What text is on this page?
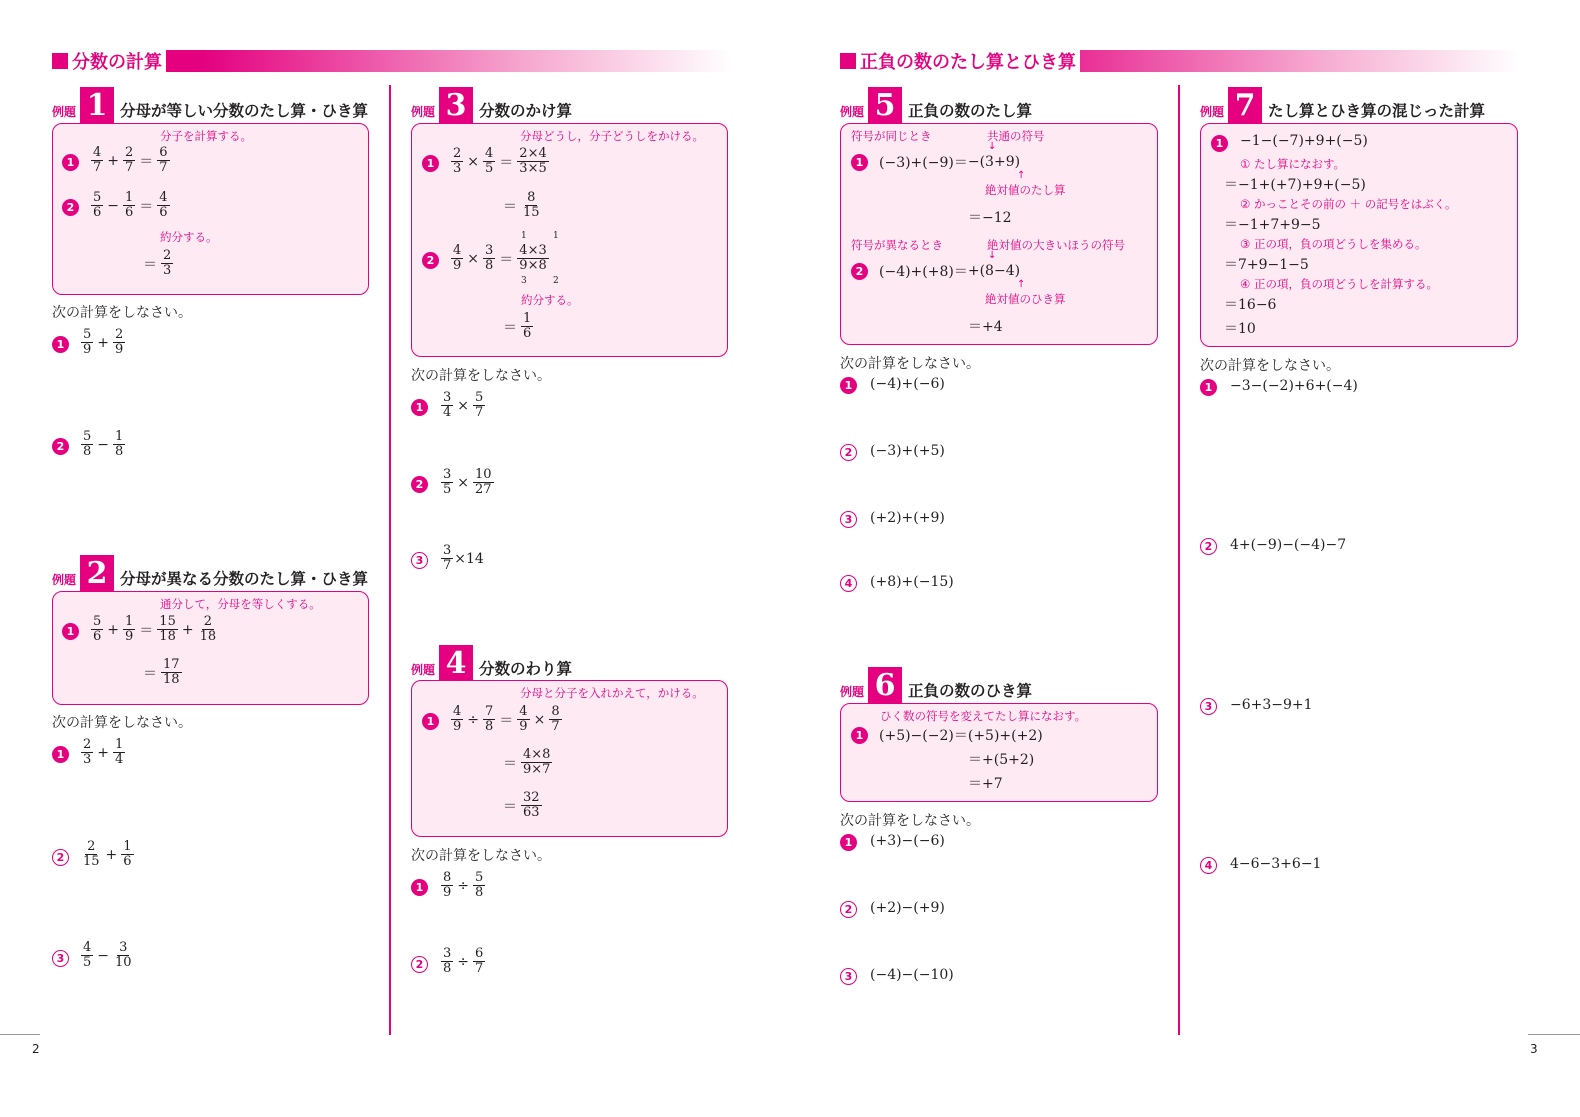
分数の計算	正負の数のたし算とひき算
例題 1 分母が等しい分数のたし算・ひき算
分子を計算する。
1	$\frac{4}{7} + \frac{2}{7} = \frac{6}{7}$
2	$\frac{5}{6} - \frac{1}{6} = \frac{4}{6}$
約分する。
＝ $\frac{2}{3}$
次の計算をしなさい。
1	$\frac{5}{9} + \frac{2}{9}$
2	$\frac{5}{8} - \frac{1}{8}$
例題 2 分母が異なる分数のたし算・ひき算
通分して，分母を等しくする。
1	$\frac{5}{6} + \frac{1}{9} = \frac{15}{18} + \frac{2}{18}$
＝ $\frac{17}{18}$
次の計算をしなさい。
1	$\frac{2}{3} + \frac{1}{4}$
2	$\frac{2}{15} + \frac{1}{6}$
3	$\frac{4}{5} - \frac{3}{10}$
例題 3 分数のかけ算
分母どうし，分子どうしをかける。
1	$\frac{2}{3} \times \frac{4}{5} = \frac{2\times 4}{3\times 5}$
＝ $\frac{8}{15}$
2	$\frac{4}{9} \times \frac{3}{8} = \frac{4\times 3}{9\times 8}$
1	1
3	2
約分する。
＝ $\frac{1}{6}$
次の計算をしなさい。
1	$\frac{3}{4} \times \frac{5}{7}$
2	$\frac{3}{5} \times \frac{10}{27}$
3	$\frac{3}{7} \times 14$
例題 4 分数のわり算
分母と分子を入れかえて，かける。
1	$\frac{4}{9} \div \frac{7}{8} = \frac{4}{9} \times \frac{8}{7}$
＝ $\frac{4\times 8}{9\times 7}$
＝ $\frac{32}{63}$
次の計算をしなさい。
1	$\frac{8}{9} \div \frac{5}{8}$
2	$\frac{3}{8} \div \frac{6}{7}$
例題 5 正負の数のたし算
符号が同じとき	共通の符号
↓
1	(−3)+(−9)＝ −(3+9)
↑
絶対値のたし算
＝−12
符号が異なるとき	絶対値の大きいほうの符号
↓
2	(−4)+(+8)＝ +(8−4)
↑
絶対値のひき算
＝+4
次の計算をしなさい。
1	(−4)+(−6)
2	(−3)+(+5)
3	(+2)+(+9)
4	(+8)+(−15)
例題 6 正負の数のひき算
ひく数の符号を変えてたし算になおす。
1	(+5)−(−2)＝(+5)+(+2)
＝+(5+2)
＝+7
次の計算をしなさい。
1	(+3)−(−6)
2	(+2)−(+9)
3	(−4)−(−10)
例題 7 たし算とひき算の混じった計算
1	−1−(−7)+9+(−5)
① たし算になおす。
＝−1+(+7)+9+(−5)
② かっことその前の ＋ の記号をはぶく。
＝−1+7+9−5
③ 正の項，負の項どうしを集める。
＝7+9−1−5
④ 正の項，負の項どうしを計算する。
＝16−6
＝10
次の計算をしなさい。
1	−3−(−2)+6+(−4)
2	4+(−9)−(−4)−7
3	−6+3−9+1
4	4−6−3+6−1
2	3
